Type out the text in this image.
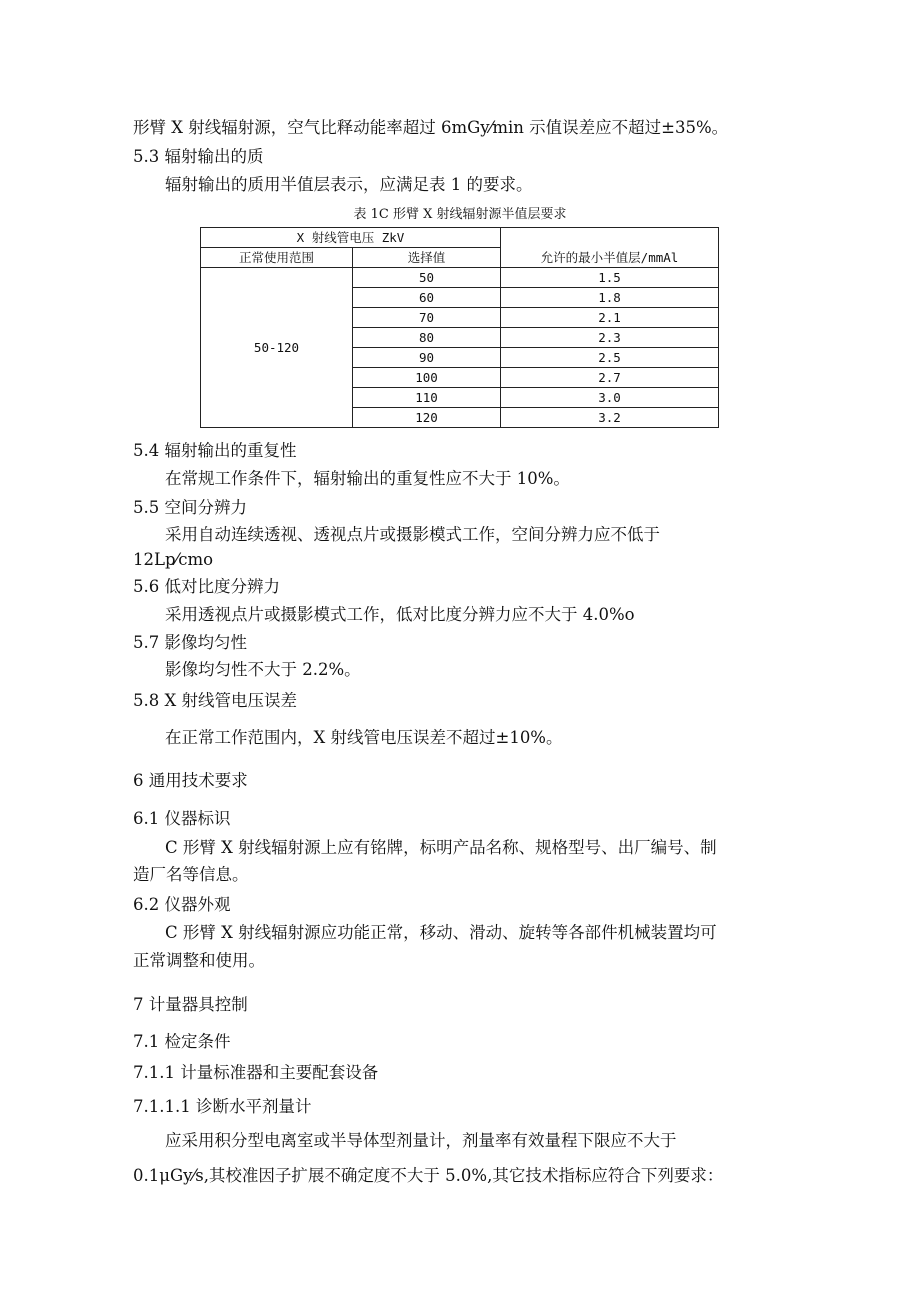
形臂 X 射线辐射源，空气比释动能率超过 6mGy⁄min 示值误差应不超过±35%。
5.3 辐射输出的质
辐射输出的质用半值层表示，应满足表 1 的要求。
表 1C 形臂 X 射线辐射源半值层要求
X 射线管电压 ZkV		允许的最小半值层/mmAl
正常使用范围	选择值	
50-120	50	1.5
	60	1.8
	70	2.1
	80	2.3
	90	2.5
	100	2.7
	110	3.0
	120	3.2
5.4 辐射输出的重复性
在常规工作条件下，辐射输出的重复性应不大于 10%。
5.5 空间分辨力
采用自动连续透视、透视点片或摄影模式工作，空间分辨力应不低于
12Lp⁄cmo
5.6 低对比度分辨力
采用透视点片或摄影模式工作，低对比度分辨力应不大于 4.0%o
5.7 影像均匀性
影像均匀性不大于 2.2%。
5.8 X 射线管电压误差
在正常工作范围内，X 射线管电压误差不超过±10%。
6 通用技术要求
6.1 仪器标识
C 形臂 X 射线辐射源上应有铭牌，标明产品名称、规格型号、出厂编号、制
造厂名等信息。
6.2 仪器外观
C 形臂 X 射线辐射源应功能正常，移动、滑动、旋转等各部件机械装置均可
正常调整和使用。
7 计量器具控制
7.1 检定条件
7.1.1 计量标准器和主要配套设备
7.1.1.1 诊断水平剂量计
应采用积分型电离室或半导体型剂量计，剂量率有效量程下限应不大于
0.1μGy⁄s,其校准因子扩展不确定度不大于 5.0%,其它技术指标应符合下列要求：
